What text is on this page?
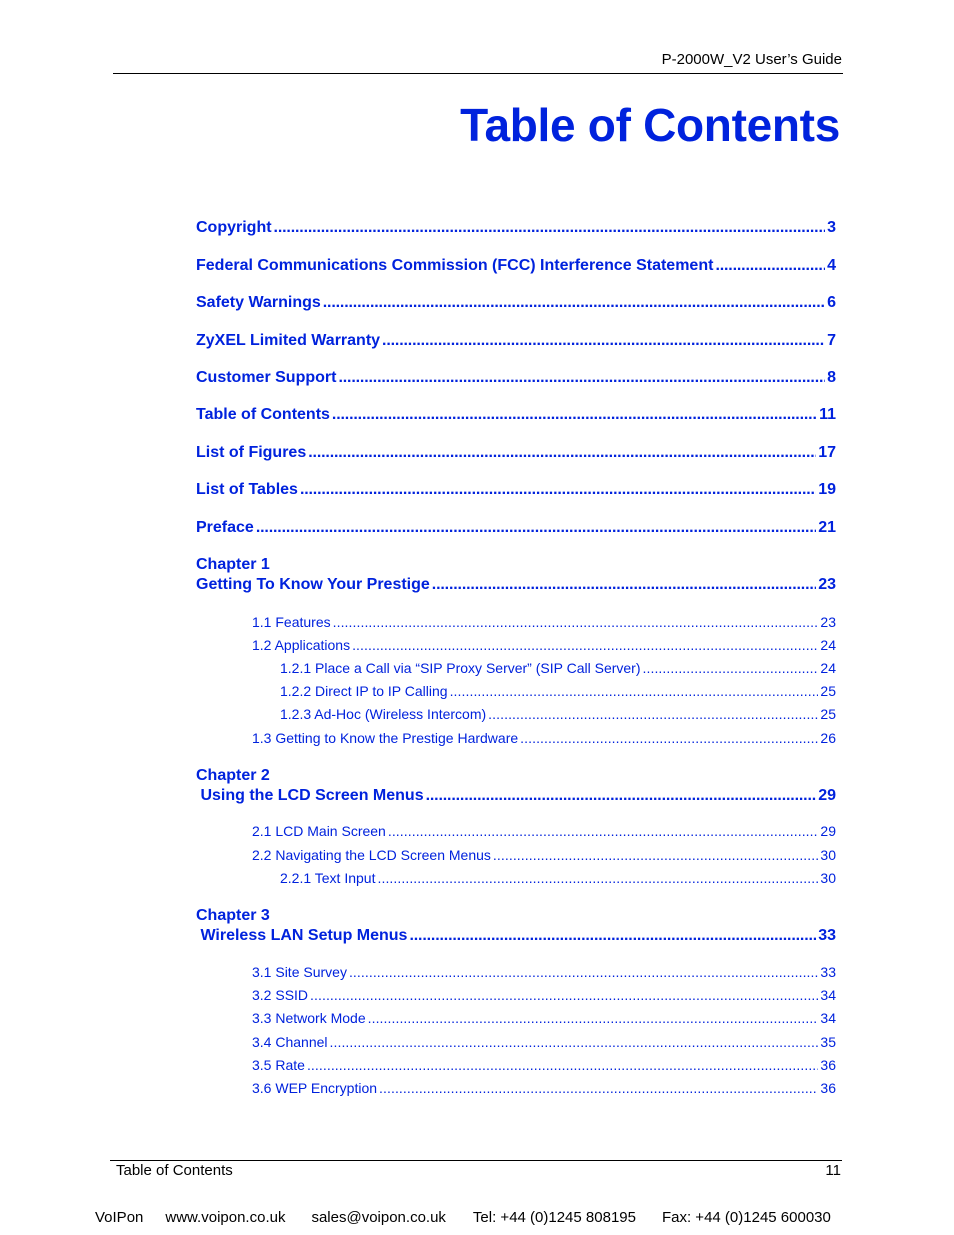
P-2000W_V2 User’s Guide
Table of Contents
Copyright . . .	3
Federal Communications Commission (FCC) Interference Statement . . .	4
Safety Warnings . . .	6
ZyXEL Limited Warranty . . .	7
Customer Support . . .	8
Table of Contents . . .	11
List of Figures . . .	17
List of Tables . . .	19
Preface . . .	21
Chapter 1
Getting To Know Your Prestige . . .	23
1.1 Features . . .	23
1.2 Applications . . .	24
1.2.1 Place a Call via “SIP Proxy Server” (SIP Call Server) . . .	24
1.2.2 Direct IP to IP Calling . . .	25
1.2.3 Ad-Hoc (Wireless Intercom) . . .	25
1.3 Getting to Know the Prestige Hardware . . .	26
Chapter 2
Using the LCD Screen Menus . . .	29
2.1 LCD Main Screen . . .	29
2.2 Navigating the LCD Screen Menus . . .	30
2.2.1 Text Input . . .	30
Chapter 3
Wireless LAN Setup Menus . . .	33
3.1 Site Survey . . .	33
3.2 SSID . . .	34
3.3 Network Mode . . .	34
3.4 Channel . . .	35
3.5 Rate . . .	36
3.6 WEP Encryption . . .	36
Table of Contents	11
VoIPon www.voipon.co.uk sales@voipon.co.uk Tel: +44 (0)1245 808195 Fax: +44 (0)1245 600030
